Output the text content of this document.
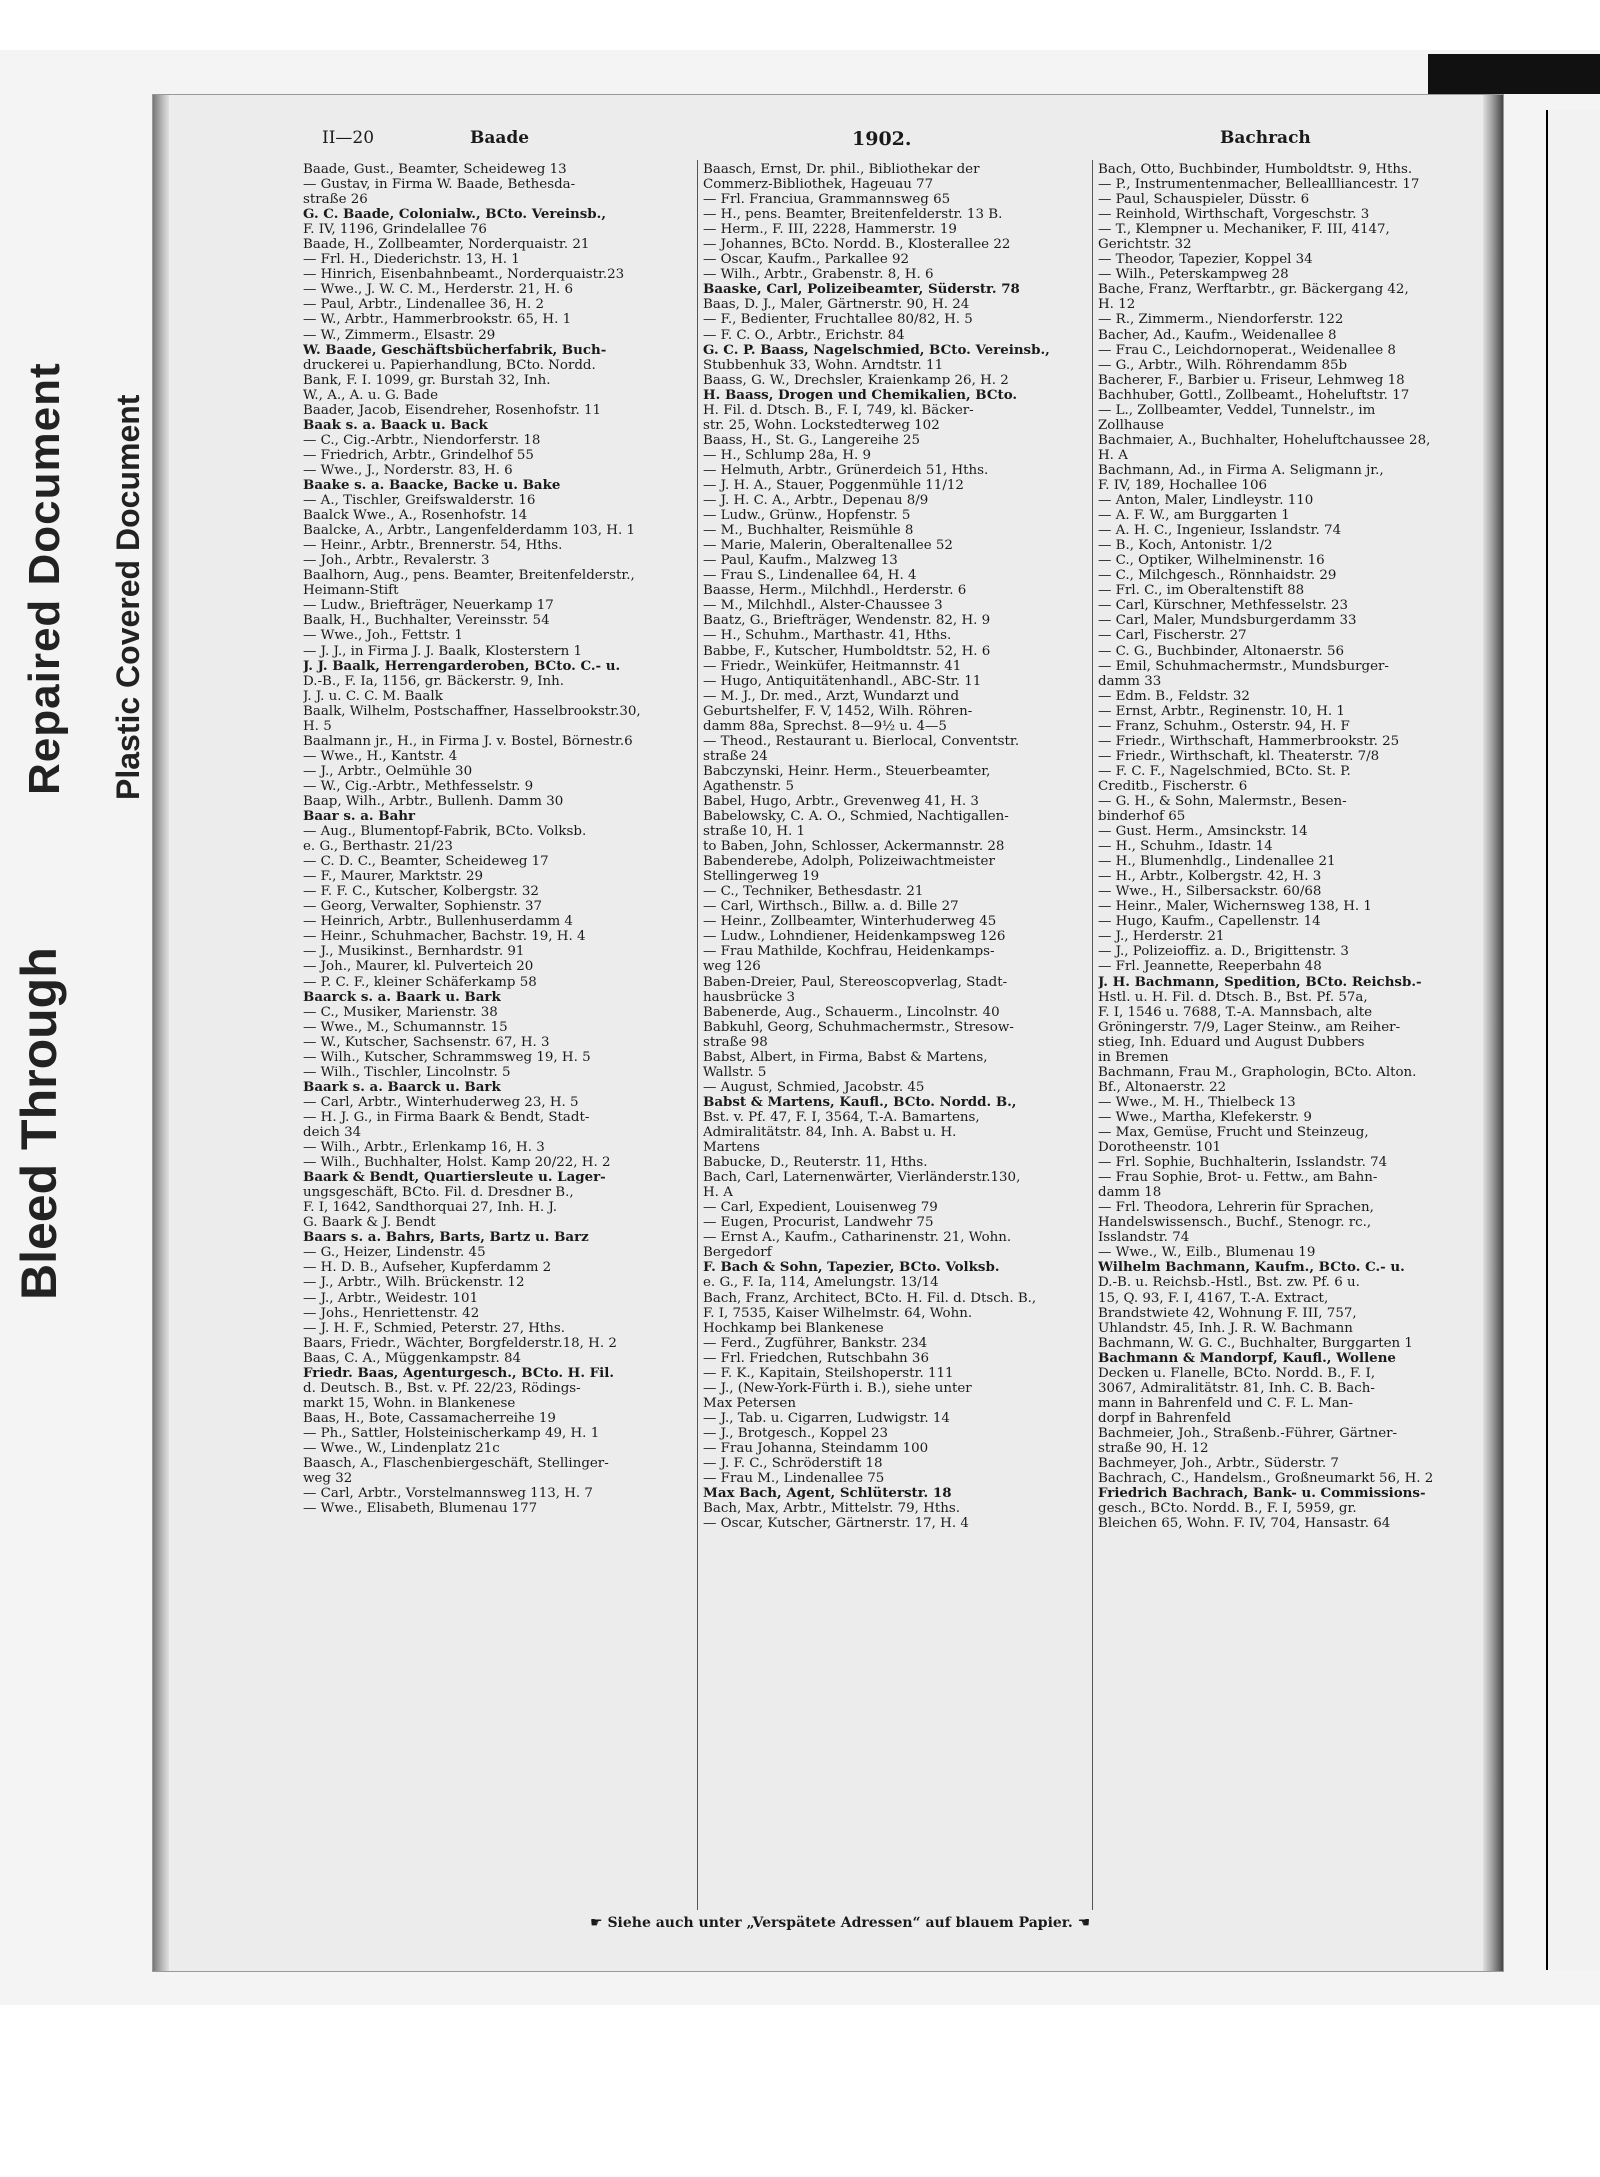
Bleed Through
Repaired Document Plastic Covered Document
II—20	Baade	1902.	Bachrach
Baade, Gust., Beamter, Scheideweg 13
— Gustav, in Firma W. Baade, Bethesda-
straße 26
G. C. Baade, Colonialw., BCto. Vereinsb.,
F. IV, 1196, Grindelallee 76
Baade, H., Zollbeamter, Norderquaistr. 21
— Frl. H., Diederichstr. 13, H. 1
— Hinrich, Eisenbahnbeamt., Norderquaistr.23
— Wwe., J. W. C. M., Herderstr. 21, H. 6
— Paul, Arbtr., Lindenallee 36, H. 2
— W., Arbtr., Hammerbrookstr. 65, H. 1
— W., Zimmerm., Elsastr. 29
W. Baade, Geschäftsbücherfabrik, Buch-
druckerei u. Papierhandlung, BCto. Nordd.
Bank, F. I. 1099, gr. Burstah 32, Inh.
W., A., A. u. G. Bade
Baader, Jacob, Eisendreher, Rosenhofstr. 11
Baak s. a. Baack u. Back
— C., Cig.-Arbtr., Niendorferstr. 18
— Friedrich, Arbtr., Grindelhof 55
— Wwe., J., Norderstr. 83, H. 6
Baake s. a. Baacke, Backe u. Bake
— A., Tischler, Greifswalderstr. 16
Baalck Wwe., A., Rosenhofstr. 14
Baalcke, A., Arbtr., Langenfelderdamm 103, H. 1
— Heinr., Arbtr., Brennerstr. 54, Hths.
— Joh., Arbtr., Revalerstr. 3
Baalhorn, Aug., pens. Beamter, Breitenfelderstr.,
Heimann-Stift
— Ludw., Briefträger, Neuerkamp 17
Baalk, H., Buchhalter, Vereinsstr. 54
— Wwe., Joh., Fettstr. 1
— J. J., in Firma J. J. Baalk, Klosterstern 1
J. J. Baalk, Herrengarderoben, BCto. C.- u.
D.-B., F. Ia, 1156, gr. Bäckerstr. 9, Inh.
J. J. u. C. C. M. Baalk
Baalk, Wilhelm, Postschaffner, Hasselbrookstr.30,
H. 5
Baalmann jr., H., in Firma J. v. Bostel, Börnestr.6
— Wwe., H., Kantstr. 4
— J., Arbtr., Oelmühle 30
— W., Cig.-Arbtr., Methfesselstr. 9
Baap, Wilh., Arbtr., Bullenh. Damm 30
Baar s. a. Bahr
— Aug., Blumentopf-Fabrik, BCto. Volksb.
e. G., Berthastr. 21/23
— C. D. C., Beamter, Scheideweg 17
— F., Maurer, Marktstr. 29
— F. F. C., Kutscher, Kolbergstr. 32
— Georg, Verwalter, Sophienstr. 37
— Heinrich, Arbtr., Bullenhuserdamm 4
— Heinr., Schuhmacher, Bachstr. 19, H. 4
— J., Musikinst., Bernhardstr. 91
— Joh., Maurer, kl. Pulverteich 20
— P. C. F., kleiner Schäferkamp 58
Baarck s. a. Baark u. Bark
— C., Musiker, Marienstr. 38
— Wwe., M., Schumannstr. 15
— W., Kutscher, Sachsenstr. 67, H. 3
— Wilh., Kutscher, Schrammsweg 19, H. 5
— Wilh., Tischler, Lincolnstr. 5
Baark s. a. Baarck u. Bark
— Carl, Arbtr., Winterhuderweg 23, H. 5
— H. J. G., in Firma Baark & Bendt, Stadt-
deich 34
— Wilh., Arbtr., Erlenkamp 16, H. 3
— Wilh., Buchhalter, Holst. Kamp 20/22, H. 2
Baark & Bendt, Quartiersleute u. Lager-
ungsgeschäft, BCto. Fil. d. Dresdner B.,
F. I, 1642, Sandthorquai 27, Inh. H. J.
G. Baark & J. Bendt
Baars s. a. Bahrs, Barts, Bartz u. Barz
— G., Heizer, Lindenstr. 45
— H. D. B., Aufseher, Kupferdamm 2
— J., Arbtr., Wilh. Brückenstr. 12
— J., Arbtr., Weidestr. 101
— Johs., Henriettenstr. 42
— J. H. F., Schmied, Peterstr. 27, Hths.
Baars, Friedr., Wächter, Borgfelderstr.18, H. 2
Baas, C. A., Müggenkampstr. 84
Friedr. Baas, Agenturgesch., BCto. H. Fil.
d. Deutsch. B., Bst. v. Pf. 22/23, Rödings-
markt 15, Wohn. in Blankenese
Baas, H., Bote, Cassamacherreihe 19
— Ph., Sattler, Holsteinischerkamp 49, H. 1
— Wwe., W., Lindenplatz 21c
Baasch, A., Flaschenbiergeschäft, Stellinger-
weg 32
— Carl, Arbtr., Vorstelmannsweg 113, H. 7
— Wwe., Elisabeth, Blumenau 177
Baasch, Ernst, Dr. phil., Bibliothekar der
Commerz-Bibliothek, Hageuau 77
— Frl. Franciua, Grammannsweg 65
— H., pens. Beamter, Breitenfelderstr. 13 B.
— Herm., F. III, 2228, Hammerstr. 19
— Johannes, BCto. Nordd. B., Klosterallee 22
— Oscar, Kaufm., Parkallee 92
— Wilh., Arbtr., Grabenstr. 8, H. 6
Baaske, Carl, Polizeibeamter, Süderstr. 78
Baas, D. J., Maler, Gärtnerstr. 90, H. 24
— F., Bedienter, Fruchtallee 80/82, H. 5
— F. C. O., Arbtr., Erichstr. 84
G. C. P. Baass, Nagelschmied, BCto. Vereinsb.,
Stubbenhuk 33, Wohn. Arndtstr. 11
Baass, G. W., Drechsler, Kraienkamp 26, H. 2
H. Baass, Drogen und Chemikalien, BCto.
H. Fil. d. Dtsch. B., F. I, 749, kl. Bäcker-
str. 25, Wohn. Lockstedterweg 102
Baass, H., St. G., Langereihe 25
— H., Schlump 28a, H. 9
— Helmuth, Arbtr., Grünerdeich 51, Hths.
— J. H. A., Stauer, Poggenmühle 11/12
— J. H. C. A., Arbtr., Depenau 8/9
— Ludw., Grünw., Hopfenstr. 5
— M., Buchhalter, Reismühle 8
— Marie, Malerin, Oberaltenallee 52
— Paul, Kaufm., Malzweg 13
— Frau S., Lindenallee 64, H. 4
Baasse, Herm., Milchhdl., Herderstr. 6
— M., Milchhdl., Alster-Chaussee 3
Baatz, G., Briefträger, Wendenstr. 82, H. 9
— H., Schuhm., Marthastr. 41, Hths.
Babbe, F., Kutscher, Humboldtstr. 52, H. 6
— Friedr., Weinküfer, Heitmannstr. 41
— Hugo, Antiquitätenhandl., ABC-Str. 11
— M. J., Dr. med., Arzt, Wundarzt und
Geburtshelfer, F. V, 1452, Wilh. Röhren-
damm 88a, Sprechst. 8—9½ u. 4—5
— Theod., Restaurant u. Bierlocal, Conventstr.
straße 24
Babczynski, Heinr. Herm., Steuerbeamter,
Agathenstr. 5
Babel, Hugo, Arbtr., Grevenweg 41, H. 3
Babelowsky, C. A. O., Schmied, Nachtigallen-
straße 10, H. 1
to Baben, John, Schlosser, Ackermannstr. 28
Babenderebe, Adolph, Polizeiwachtmeister
Stellingerweg 19
— C., Techniker, Bethesdastr. 21
— Carl, Wirthsch., Billw. a. d. Bille 27
— Heinr., Zollbeamter, Winterhuderweg 45
— Ludw., Lohndiener, Heidenkampsweg 126
— Frau Mathilde, Kochfrau, Heidenkamps-
weg 126
Baben-Dreier, Paul, Stereoscopverlag, Stadt-
hausbrücke 3
Babenerde, Aug., Schauerm., Lincolnstr. 40
Babkuhl, Georg, Schuhmachermstr., Stresow-
straße 98
Babst, Albert, in Firma, Babst & Martens,
Wallstr. 5
— August, Schmied, Jacobstr. 45
Babst & Martens, Kaufl., BCto. Nordd. B.,
Bst. v. Pf. 47, F. I, 3564, T.-A. Bamartens,
Admiralitätstr. 84, Inh. A. Babst u. H.
Martens
Babucke, D., Reuterstr. 11, Hths.
Bach, Carl, Laternenwärter, Vierländerstr.130,
H. A
— Carl, Expedient, Louisenweg 79
— Eugen, Procurist, Landwehr 75
— Ernst A., Kaufm., Catharinenstr. 21, Wohn.
Bergedorf
F. Bach & Sohn, Tapezier, BCto. Volksb.
e. G., F. Ia, 114, Amelungstr. 13/14
Bach, Franz, Architect, BCto. H. Fil. d. Dtsch. B.,
F. I, 7535, Kaiser Wilhelmstr. 64, Wohn.
Hochkamp bei Blankenese
— Ferd., Zugführer, Bankstr. 234
— Frl. Friedchen, Rutschbahn 36
— F. K., Kapitain, Steilshoperstr. 111
— J., (New-York-Fürth i. B.), siehe unter
Max Petersen
— J., Tab. u. Cigarren, Ludwigstr. 14
— J., Brotgesch., Koppel 23
— Frau Johanna, Steindamm 100
— J. F. C., Schröderstift 18
— Frau M., Lindenallee 75
Max Bach, Agent, Schlüterstr. 18
Bach, Max, Arbtr., Mittelstr. 79, Hths.
— Oscar, Kutscher, Gärtnerstr. 17, H. 4
Bach, Otto, Buchbinder, Humboldtstr. 9, Hths.
— P., Instrumentenmacher, Belleallliancestr. 17
— Paul, Schauspieler, Düsstr. 6
— Reinhold, Wirthschaft, Vorgeschstr. 3
— T., Klempner u. Mechaniker, F. III, 4147,
Gerichtstr. 32
— Theodor, Tapezier, Koppel 34
— Wilh., Peterskampweg 28
Bache, Franz, Werftarbtr., gr. Bäckergang 42,
H. 12
— R., Zimmerm., Niendorferstr. 122
Bacher, Ad., Kaufm., Weidenallee 8
— Frau C., Leichdornoperat., Weidenallee 8
— G., Arbtr., Wilh. Röhrendamm 85b
Bacherer, F., Barbier u. Friseur, Lehmweg 18
Bachhuber, Gottl., Zollbeamt., Hoheluftstr. 17
— L., Zollbeamter, Veddel, Tunnelstr., im
Zollhause
Bachmaier, A., Buchhalter, Hoheluftchaussee 28,
H. A
Bachmann, Ad., in Firma A. Seligmann jr.,
F. IV, 189, Hochallee 106
— Anton, Maler, Lindleystr. 110
— A. F. W., am Burggarten 1
— A. H. C., Ingenieur, Isslandstr. 74
— B., Koch, Antonistr. 1/2
— C., Optiker, Wilhelminenstr. 16
— C., Milchgesch., Rönnhaidstr. 29
— Frl. C., im Oberaltenstift 88
— Carl, Kürschner, Methfesselstr. 23
— Carl, Maler, Mundsburgerdamm 33
— Carl, Fischerstr. 27
— C. G., Buchbinder, Altonaerstr. 56
— Emil, Schuhmachermstr., Mundsburger-
damm 33
— Edm. B., Feldstr. 32
— Ernst, Arbtr., Reginenstr. 10, H. 1
— Franz, Schuhm., Osterstr. 94, H. F
— Friedr., Wirthschaft, Hammerbrookstr. 25
— Friedr., Wirthschaft, kl. Theaterstr. 7/8
— F. C. F., Nagelschmied, BCto. St. P.
Creditb., Fischerstr. 6
— G. H., & Sohn, Malermstr., Besen-
binderhof 65
— Gust. Herm., Amsinckstr. 14
— H., Schuhm., Idastr. 14
— H., Blumenhdlg., Lindenallee 21
— H., Arbtr., Kolbergstr. 42, H. 3
— Wwe., H., Silbersackstr. 60/68
— Heinr., Maler, Wichernsweg 138, H. 1
— Hugo, Kaufm., Capellenstr. 14
— J., Herderstr. 21
— J., Polizeioffiz. a. D., Brigittenstr. 3
— Frl. Jeannette, Reeperbahn 48
J. H. Bachmann, Spedition, BCto. Reichsb.-
Hstl. u. H. Fil. d. Dtsch. B., Bst. Pf. 57a,
F. I, 1546 u. 7688, T.-A. Mannsbach, alte
Gröningerstr. 7/9, Lager Steinw., am Reiher-
stieg, Inh. Eduard und August Dubbers
in Bremen
Bachmann, Frau M., Graphologin, BCto. Alton.
Bf., Altonaerstr. 22
— Wwe., M. H., Thielbeck 13
— Wwe., Martha, Klefekerstr. 9
— Max, Gemüse, Frucht und Steinzeug,
Dorotheenstr. 101
— Frl. Sophie, Buchhalterin, Isslandstr. 74
— Frau Sophie, Brot- u. Fettw., am Bahn-
damm 18
— Frl. Theodora, Lehrerin für Sprachen,
Handelswissensch., Buchf., Stenogr. rc.,
Isslandstr. 74
— Wwe., W., Eilb., Blumenau 19
Wilhelm Bachmann, Kaufm., BCto. C.- u.
D.-B. u. Reichsb.-Hstl., Bst. zw. Pf. 6 u.
15, Q. 93, F. I, 4167, T.-A. Extract,
Brandstwiete 42, Wohnung F. III, 757,
Uhlandstr. 45, Inh. J. R. W. Bachmann
Bachmann, W. G. C., Buchhalter, Burggarten 1
Bachmann & Mandorpf, Kaufl., Wollene
Decken u. Flanelle, BCto. Nordd. B., F. I,
3067, Admiralitätstr. 81, Inh. C. B. Bach-
mann in Bahrenfeld und C. F. L. Man-
dorpf in Bahrenfeld
Bachmeier, Joh., Straßenb.-Führer, Gärtner-
straße 90, H. 12
Bachmeyer, Joh., Arbtr., Süderstr. 7
Bachrach, C., Handelsm., Großneumarkt 56, H. 2
Friedrich Bachrach, Bank- u. Commissions-
gesch., BCto. Nordd. B., F. I, 5959, gr.
Bleichen 65, Wohn. F. IV, 704, Hansastr. 64
☛ Siehe auch unter „Verspätete Adressen“ auf blauem Papier. ☚
